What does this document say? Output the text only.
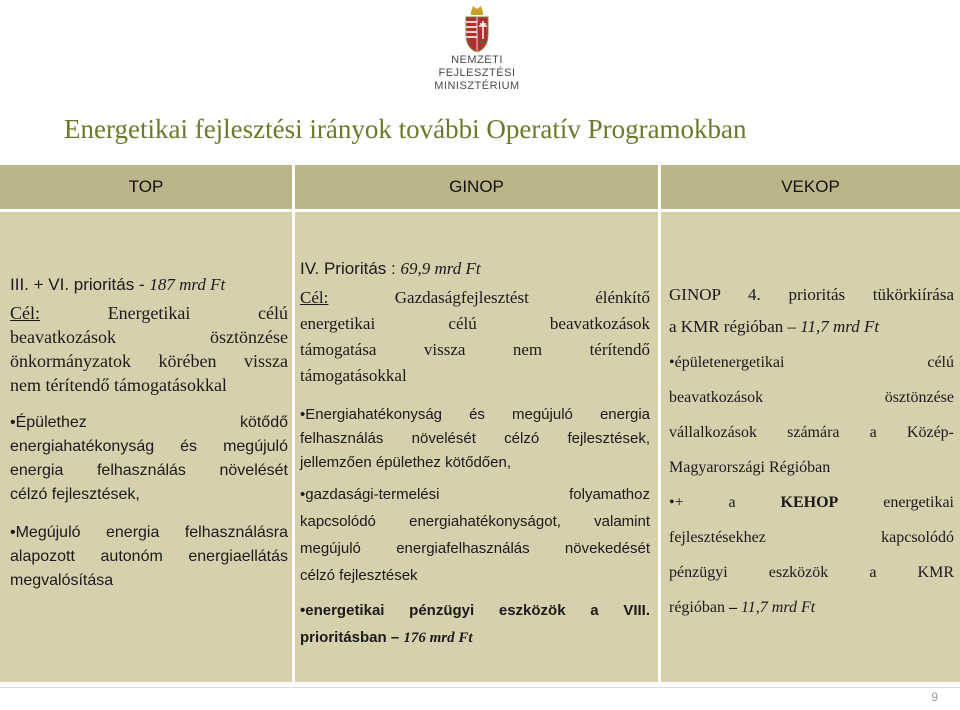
NEMZETI FEJLESZTÉSI
MINISZTÉRIUM
Energetikai fejlesztési irányok további Operatív Programokban
TOP	GINOP	VEKOP

III. + VI. prioritás - 187 mrd Ft

Cél: Energetikai célú

beavatkozások ösztönzése

önkormányzatok körében vissza

nem térítendő támogatásokkal

•Épülethez kötődő

energiahatékonyság és megújuló

energia felhasználás növelését

célzó fejlesztések,

•Megújuló energia felhasználásra

alapozott autonóm energiaellátás

megvalósítása

IV. Prioritás : 69,9 mrd Ft

Cél: Gazdaságfejlesztést élénkítő

energetikai célú beavatkozások

támogatása vissza nem térítendő

támogatásokkal

•Energiahatékonyság és megújuló energia

felhasználás növelését célzó fejlesztések,

jellemzően épülethez kötődően,

•gazdasági-termelési folyamathoz

kapcsolódó energiahatékonyságot, valamint

megújuló energiafelhasználás növekedését

célzó fejlesztések

•energetikai pénzügyi eszközök a VIII.

prioritásban – 176 mrd Ft

GINOP 4. prioritás tükörkiírása

a KMR régióban – 11,7 mrd Ft

•épületenergetikai célú

beavatkozások ösztönzése

vállalkozások számára a Közép-

Magyarországi Régióban

•+ a KEHOP energetikai

fejlesztésekhez kapcsolódó

pénzügyi eszközök a KMR

régióban – 11,7 mrd Ft

9
